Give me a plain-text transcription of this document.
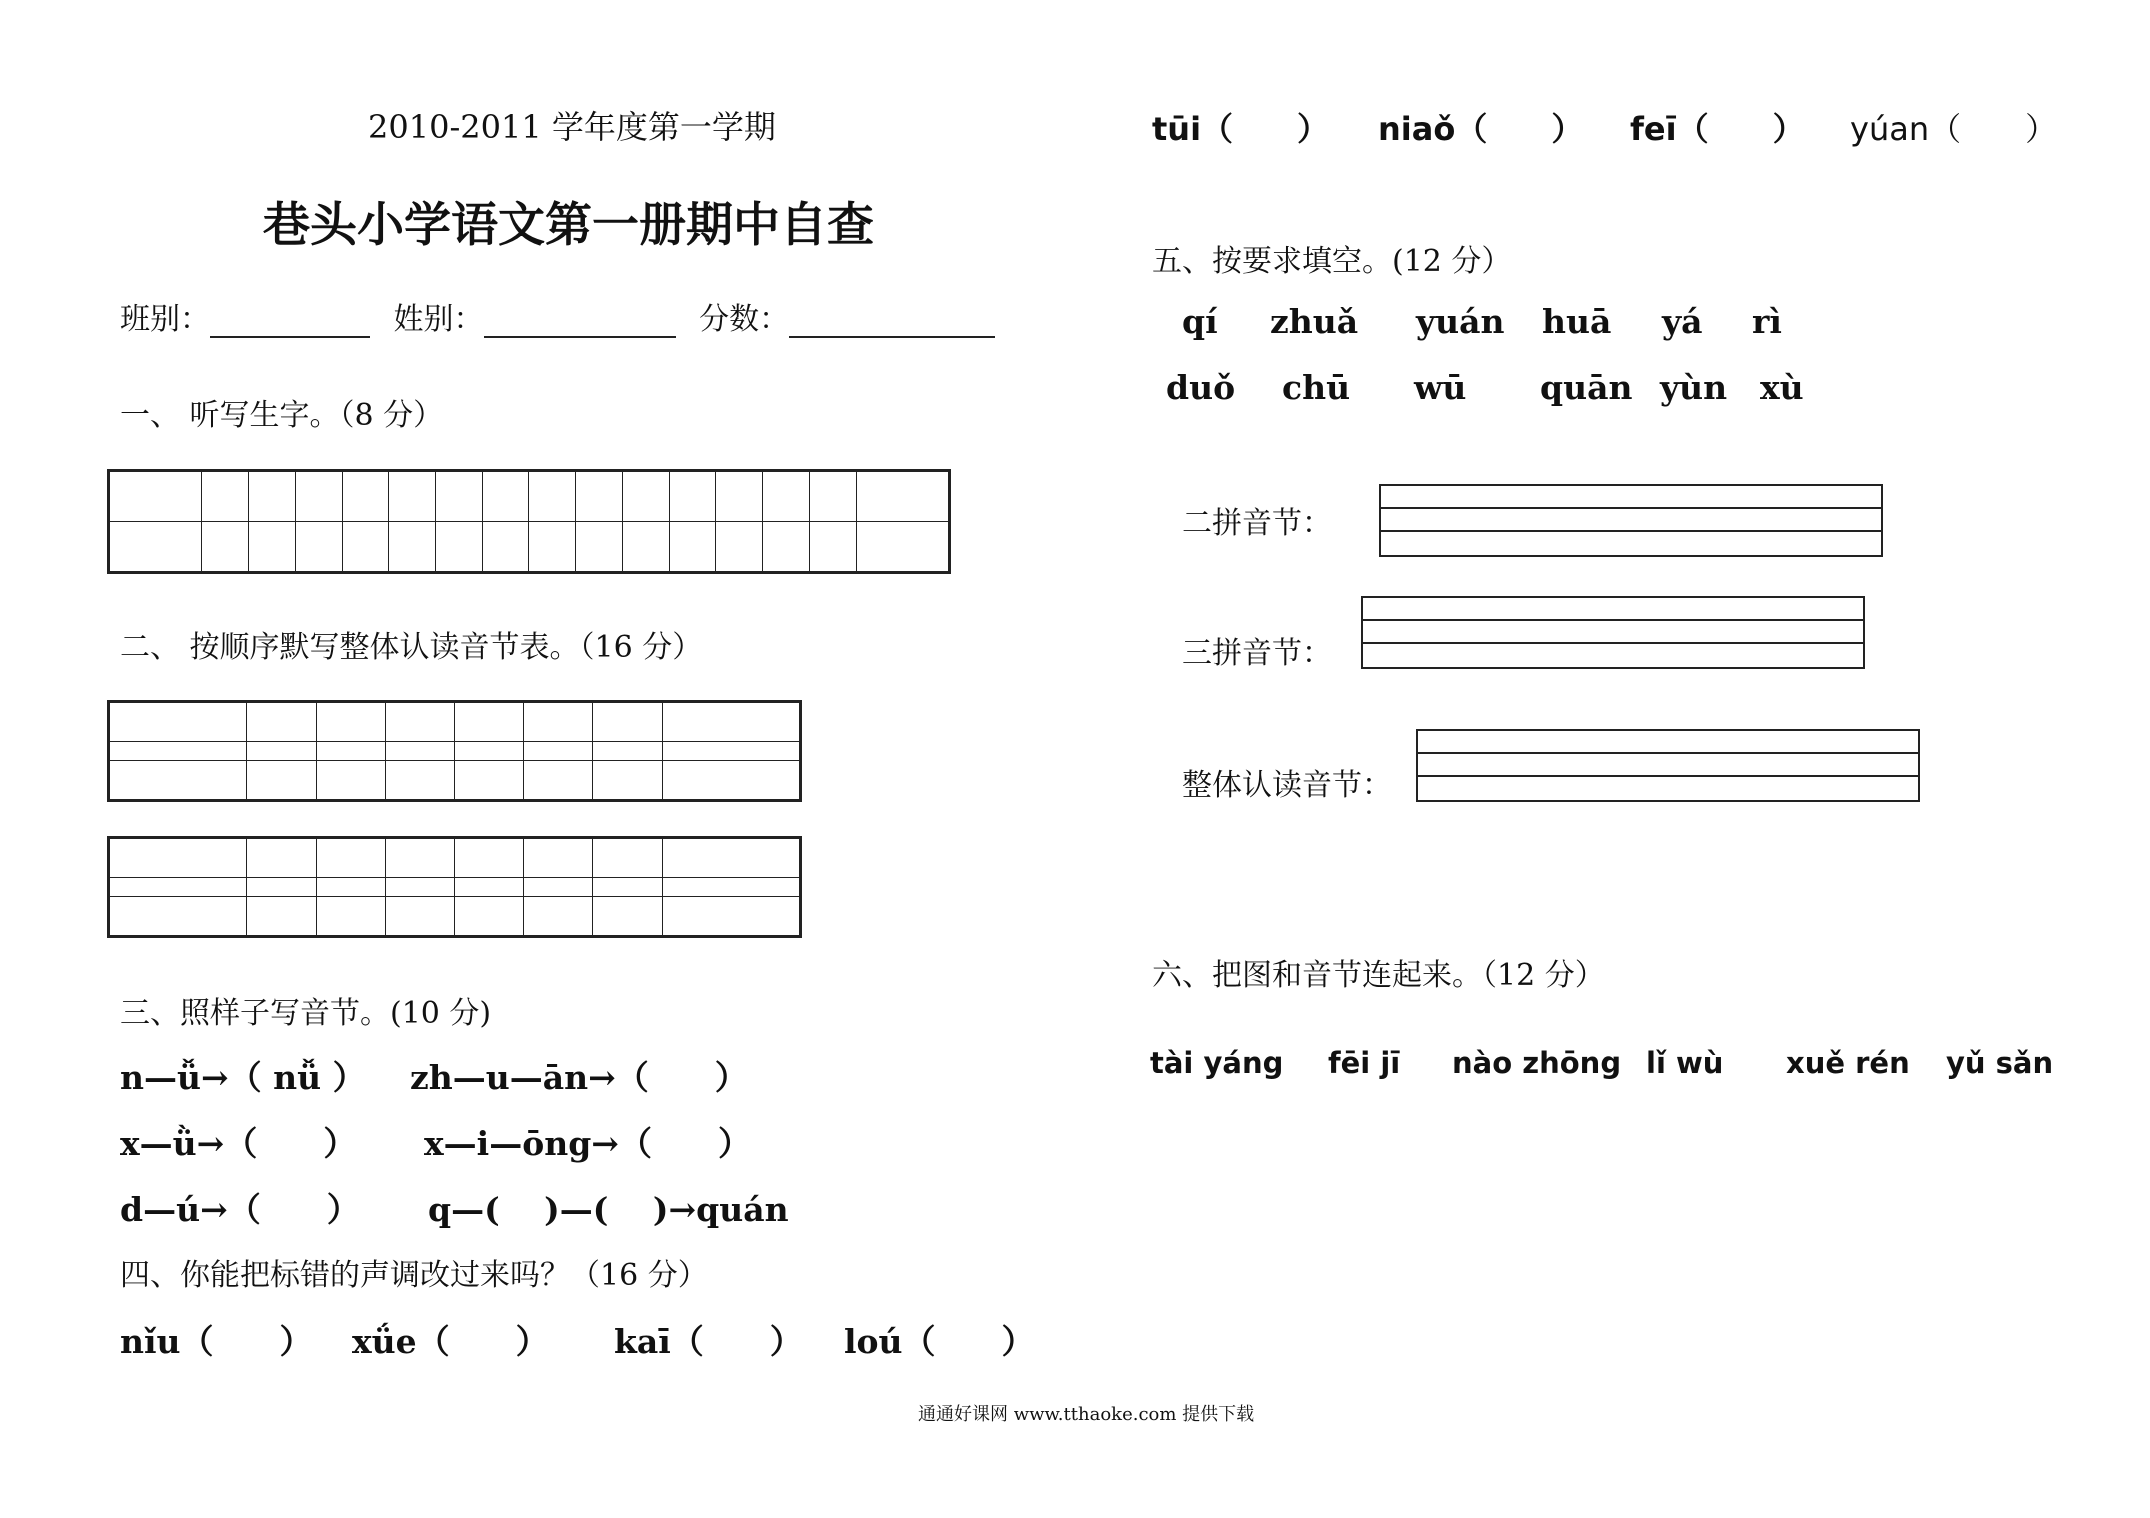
2010-2011 学年度第一学期
巷头小学语文第一册期中自查
班别：	姓别：	分数：
一、 听写生字。（8 分）

二、 按顺序默写整体认读音节表。（16 分）

三、照样子写音节。(10 分)
n—ǚ→（ nǚ ） zh—u—ān→（　　）
x—ǜ→（　　） x—i—ōng→（　　）
d—ú→（　　） q—(　 )—(　 )→quán
四、你能把标错的声调改过来吗？（16 分）
nǐu（　　） xǘe（　　） kaī（　　） loú（　　）
tūi（　　） niaǒ（　　） feī（　　） yúan（　　）
五、按要求填空。(12 分）
qí zhuǎ yuán huā yá rì
duǒ chū wū quān yùn xù
二拼音节：
三拼音节：
整体认读音节：
六、把图和音节连起来。（12 分）
tài yáng fēi jī nào zhōng lǐ wù xuě rén yǔ sǎn
通通好课网 www.tthaoke.com 提供下载
